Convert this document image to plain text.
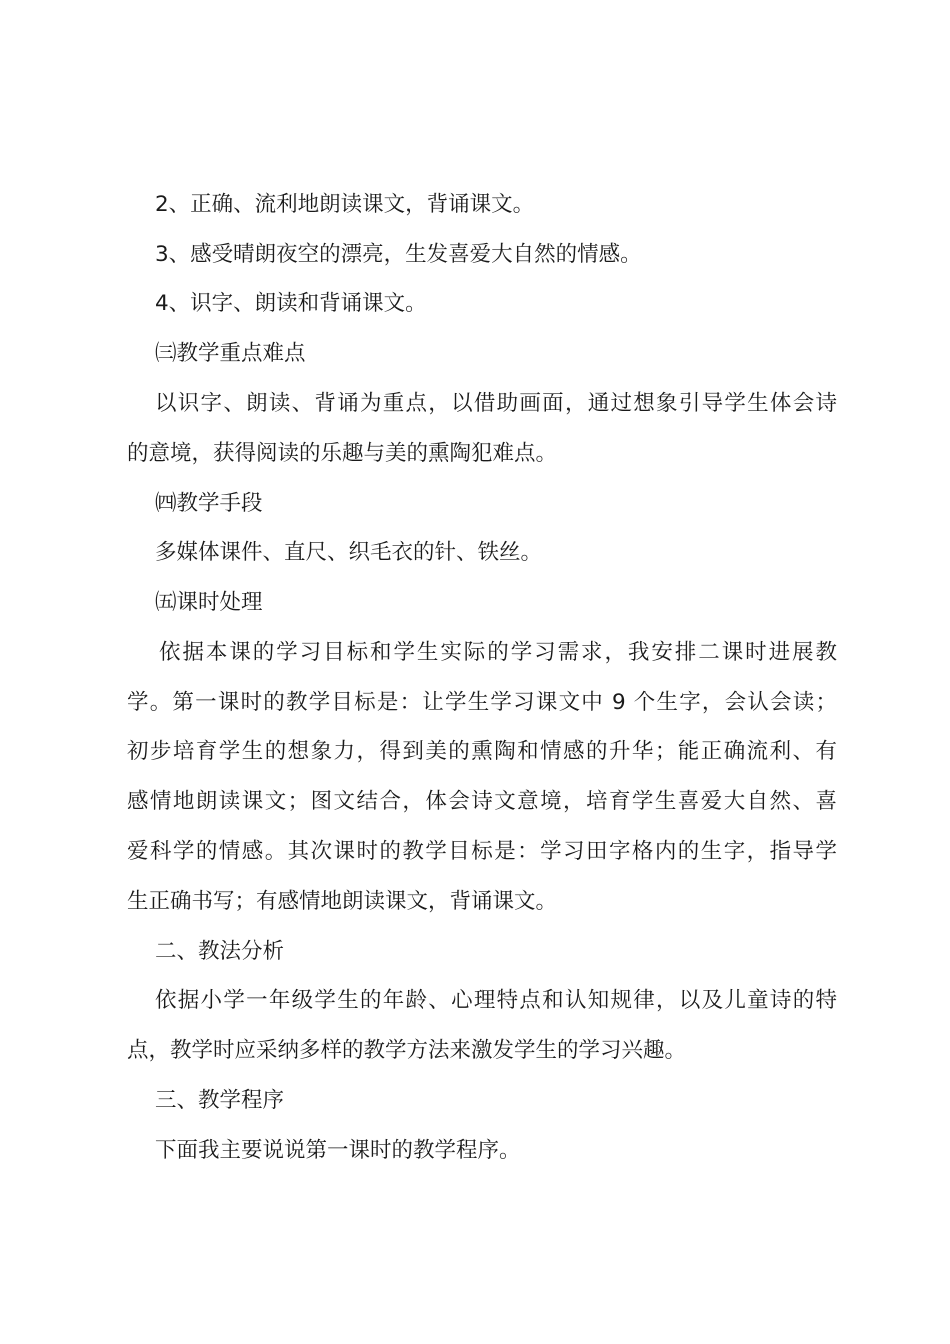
2、正确、流利地朗读课文，背诵课文。
3、感受晴朗夜空的漂亮，生发喜爱大自然的情感。
4、识字、朗读和背诵课文。
㈢教学重点难点
以识字、朗读、背诵为重点，以借助画面，通过想象引导学生体会诗
的意境，获得阅读的乐趣与美的熏陶犯难点。
㈣教学手段
多媒体课件、直尺、织毛衣的针、铁丝。
㈤课时处理
依据本课的学习目标和学生实际的学习需求，我安排二课时进展教
学。第一课时的教学目标是：让学生学习课文中 9 个生字，会认会读；
初步培育学生的想象力，得到美的熏陶和情感的升华；能正确流利、有
感情地朗读课文；图文结合，体会诗文意境，培育学生喜爱大自然、喜
爱科学的情感。其次课时的教学目标是：学习田字格内的生字，指导学
生正确书写；有感情地朗读课文，背诵课文。
二、教法分析
依据小学一年级学生的年龄、心理特点和认知规律，以及儿童诗的特
点，教学时应采纳多样的教学方法来激发学生的学习兴趣。
三、教学程序
下面我主要说说第一课时的教学程序。
